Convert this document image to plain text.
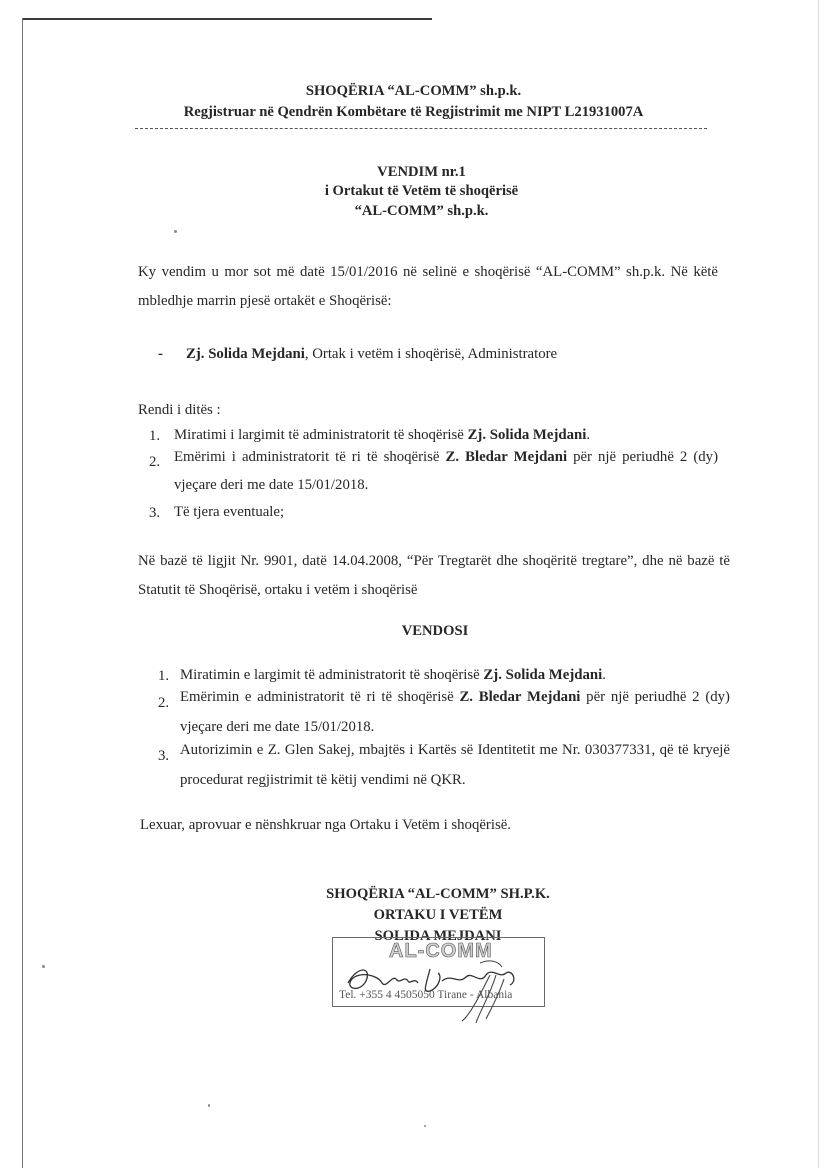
SHOQËRIA “AL-COMM” sh.p.k.
Regjistruar në Qendrën Kombëtare të Regjistrimit me NIPT L21931007A
VENDIM nr.1
i Ortakut të Vetëm të shoqërisë
“AL-COMM” sh.p.k.
Ky vendim u mor sot më datë 15/01/2016 në selinë e shoqërisë “AL-COMM” sh.p.k. Në këtë
mbledhje marrin pjesë ortakët e Shoqërisë:
- Zj. Solida Mejdani, Ortak i vetëm i shoqërisë, Administratore
Rendi i ditës :
1. Miratimi i largimit të administratorit të shoqërisë Zj. Solida Mejdani.
2. Emërimi i administratorit të ri të shoqërisë Z. Bledar Mejdani për një periudhë 2 (dy)
vjeçare deri me date 15/01/2018.
3. Të tjera eventuale;
Në bazë të ligjit Nr. 9901, datë 14.04.2008, “Për Tregtarët dhe shoqëritë tregtare”, dhe në bazë të
Statutit të Shoqërisë, ortaku i vetëm i shoqërisë
VENDOSI
1. Miratimin e largimit të administratorit të shoqërisë Zj. Solida Mejdani.
2. Emërimin e administratorit të ri të shoqërisë Z. Bledar Mejdani për një periudhë 2 (dy)
vjeçare deri me date 15/01/2018.
3. Autorizimin e Z. Glen Sakej, mbajtës i Kartës së Identitetit me Nr. 030377331, që të kryejë
procedurat regjistrimit të këtij vendimi në QKR.
Lexuar, aprovuar e nënshkruar nga Ortaku i Vetëm i shoqërisë.
SHOQËRIA “AL-COMM” SH.P.K.
ORTAKU I VETËM
SOLIDA MEJDANI
AL-COMM
Tel. +355 4 4505050 Tirane - Albania
